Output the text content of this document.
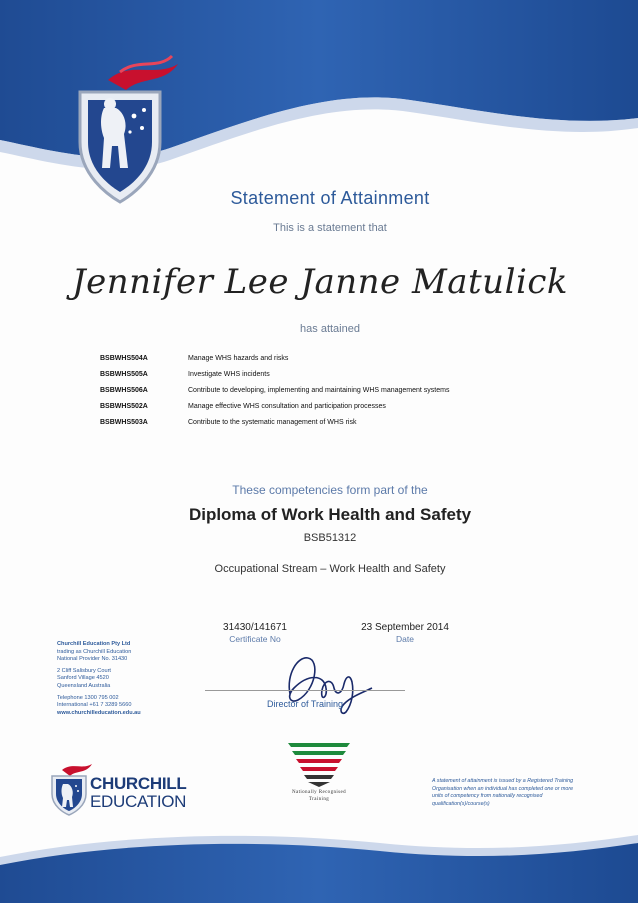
Statement of Attainment
This is a statement that
Jennifer Lee Janne Matulick
has attained
BSBWHS504A	Manage WHS hazards and risks
BSBWHS505A	Investigate WHS incidents
BSBWHS506A	Contribute to developing, implementing and maintaining WHS management systems
BSBWHS502A	Manage effective WHS consultation and participation processes
BSBWHS503A	Contribute to the systematic management of WHS risk
These competencies form part of the
Diploma of Work Health and Safety
BSB51312
Occupational Stream – Work Health and Safety
31430/141671
Certificate No
23 September 2014
Date
Director of Training
Churchill Education Pty Ltd
trading as Churchill Education
National Provider No. 31430
2 Cliff Salisbury Court
Sanford Village 4520
Queensland Australia
Telephone 1300 795 002
International +61 7 3289 5660
www.churchilleducation.edu.au
CHURCHILL
EDUCATION	Nationally Recognised
Training
A statement of attainment is issued by a Registered Training Organisation when an individual has completed one or more units of competency from nationally recognised qualification(s)/course(s)
